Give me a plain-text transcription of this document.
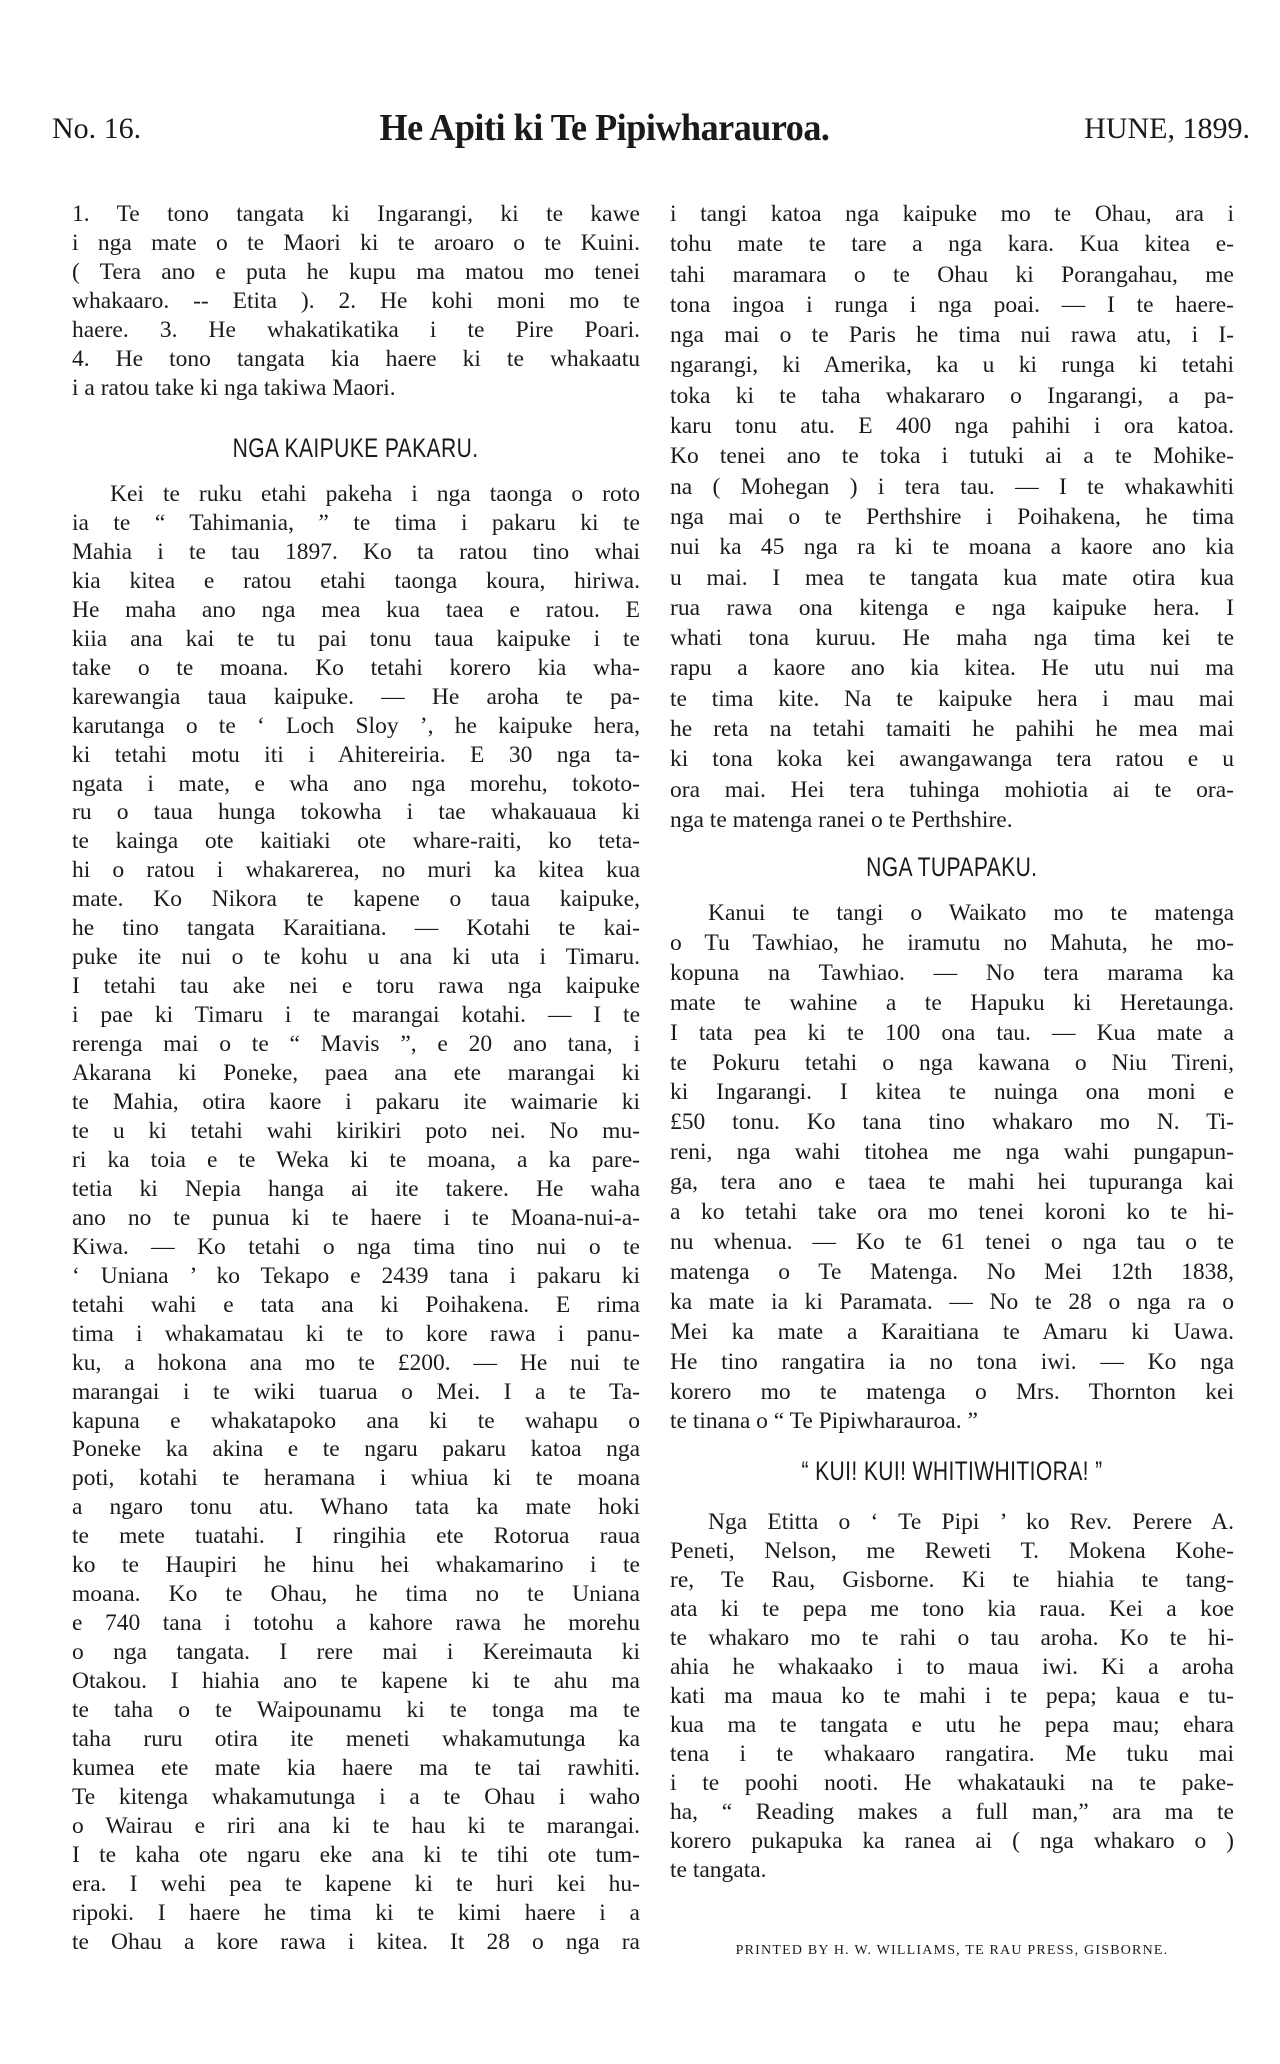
No. 16.	He Apiti ki Te Pipiwharauroa.	HUNE, 1899.
1. Te tono tangata ki Ingarangi, ki te kawe
i nga mate o te Maori ki te aroaro o te Kuini.
( Tera ano e puta he kupu ma matou mo tenei
whakaaro. -- Etita ). 2. He kohi moni mo te
haere. 3. He whakatikatika i te Pire Poari.
4. He tono tangata kia haere ki te whakaatu
i a ratou take ki nga takiwa Maori.
NGA KAIPUKE PAKARU.
Kei te ruku etahi pakeha i nga taonga o roto
ia te “ Tahimania, ” te tima i pakaru ki te
Mahia i te tau 1897. Ko ta ratou tino whai
kia kitea e ratou etahi taonga koura, hiriwa.
He maha ano nga mea kua taea e ratou. E
kiia ana kai te tu pai tonu taua kaipuke i te
take o te moana. Ko tetahi korero kia wha-
karewangia taua kaipuke. — He aroha te pa-
karutanga o te ‘ Loch Sloy ’, he kaipuke hera,
ki tetahi motu iti i Ahitereiria. E 30 nga ta-
ngata i mate, e wha ano nga morehu, tokoto-
ru o taua hunga tokowha i tae whakauaua ki
te kainga ote kaitiaki ote whare-raiti, ko teta-
hi o ratou i whakarerea, no muri ka kitea kua
mate. Ko Nikora te kapene o taua kaipuke,
he tino tangata Karaitiana. — Kotahi te kai-
puke ite nui o te kohu u ana ki uta i Timaru.
I tetahi tau ake nei e toru rawa nga kaipuke
i pae ki Timaru i te marangai kotahi. — I te
rerenga mai o te “ Mavis ”, e 20 ano tana, i
Akarana ki Poneke, paea ana ete marangai ki
te Mahia, otira kaore i pakaru ite waimarie ki
te u ki tetahi wahi kirikiri poto nei. No mu-
ri ka toia e te Weka ki te moana, a ka pare-
tetia ki Nepia hanga ai ite takere. He waha
ano no te punua ki te haere i te Moana-nui-a-
Kiwa. — Ko tetahi o nga tima tino nui o te
‘ Uniana ’ ko Tekapo e 2439 tana i pakaru ki
tetahi wahi e tata ana ki Poihakena. E rima
tima i whakamatau ki te to kore rawa i panu-
ku, a hokona ana mo te £200. — He nui te
marangai i te wiki tuarua o Mei. I a te Ta-
kapuna e whakatapoko ana ki te wahapu o
Poneke ka akina e te ngaru pakaru katoa nga
poti, kotahi te heramana i whiua ki te moana
a ngaro tonu atu. Whano tata ka mate hoki
te mete tuatahi. I ringihia ete Rotorua raua
ko te Haupiri he hinu hei whakamarino i te
moana. Ko te Ohau, he tima no te Uniana
e 740 tana i totohu a kahore rawa he morehu
o nga tangata. I rere mai i Kereimauta ki
Otakou. I hiahia ano te kapene ki te ahu ma
te taha o te Waipounamu ki te tonga ma te
taha ruru otira ite meneti whakamutunga ka
kumea ete mate kia haere ma te tai rawhiti.
Te kitenga whakamutunga i a te Ohau i waho
o Wairau e riri ana ki te hau ki te marangai.
I te kaha ote ngaru eke ana ki te tihi ote tum-
era. I wehi pea te kapene ki te huri kei hu-
ripoki. I haere he tima ki te kimi haere i a
te Ohau a kore rawa i kitea. It 28 o nga ra
i tangi katoa nga kaipuke mo te Ohau, ara i
tohu mate te tare a nga kara. Kua kitea e-
tahi maramara o te Ohau ki Porangahau, me
tona ingoa i runga i nga poai. — I te haere-
nga mai o te Paris he tima nui rawa atu, i I-
ngarangi, ki Amerika, ka u ki runga ki tetahi
toka ki te taha whakararo o Ingarangi, a pa-
karu tonu atu. E 400 nga pahihi i ora katoa.
Ko tenei ano te toka i tutuki ai a te Mohike-
na ( Mohegan ) i tera tau. — I te whakawhiti
nga mai o te Perthshire i Poihakena, he tima
nui ka 45 nga ra ki te moana a kaore ano kia
u mai. I mea te tangata kua mate otira kua
rua rawa ona kitenga e nga kaipuke hera. I
whati tona kuruu. He maha nga tima kei te
rapu a kaore ano kia kitea. He utu nui ma
te tima kite. Na te kaipuke hera i mau mai
he reta na tetahi tamaiti he pahihi he mea mai
ki tona koka kei awangawanga tera ratou e u
ora mai. Hei tera tuhinga mohiotia ai te ora-
nga te matenga ranei o te Perthshire.
NGA TUPAPAKU.
Kanui te tangi o Waikato mo te matenga
o Tu Tawhiao, he iramutu no Mahuta, he mo-
kopuna na Tawhiao. — No tera marama ka
mate te wahine a te Hapuku ki Heretaunga.
I tata pea ki te 100 ona tau. — Kua mate a
te Pokuru tetahi o nga kawana o Niu Tireni,
ki Ingarangi. I kitea te nuinga ona moni e
£50 tonu. Ko tana tino whakaro mo N. Ti-
reni, nga wahi titohea me nga wahi pungapun-
ga, tera ano e taea te mahi hei tupuranga kai
a ko tetahi take ora mo tenei koroni ko te hi-
nu whenua. — Ko te 61 tenei o nga tau o te
matenga o Te Matenga. No Mei 12th 1838,
ka mate ia ki Paramata. — No te 28 o nga ra o
Mei ka mate a Karaitiana te Amaru ki Uawa.
He tino rangatira ia no tona iwi. — Ko nga
korero mo te matenga o Mrs. Thornton kei
te tinana o “ Te Pipiwharauroa. ”
“ KUI! KUI! WHITIWHITIORA! ”
Nga Etitta o ‘ Te Pipi ’ ko Rev. Perere A.
Peneti, Nelson, me Reweti T. Mokena Kohe-
re, Te Rau, Gisborne. Ki te hiahia te tang-
ata ki te pepa me tono kia raua. Kei a koe
te whakaro mo te rahi o tau aroha. Ko te hi-
ahia he whakaako i to maua iwi. Ki a aroha
kati ma maua ko te mahi i te pepa; kaua e tu-
kua ma te tangata e utu he pepa mau; ehara
tena i te whakaaro rangatira. Me tuku mai
i te poohi nooti. He whakatauki na te pake-
ha, “ Reading makes a full man,” ara ma te
korero pukapuka ka ranea ai ( nga whakaro o )
te tangata.
PRINTED BY H. W. WILLIAMS, TE RAU PRESS, GISBORNE.
